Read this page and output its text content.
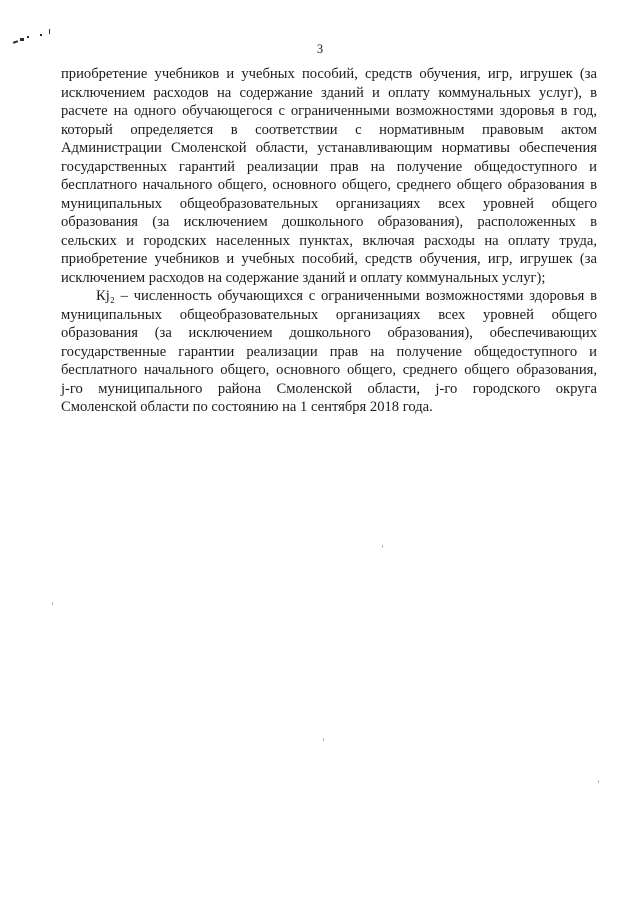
3
приобретение учебников и учебных пособий, средств обучения, игр, игрушек (за
исключением расходов на содержание зданий и оплату коммунальных услуг), в
расчете на одного обучающегося с ограниченными возможностями здоровья в год,
который определяется в соответствии с нормативным правовым актом
Администрации Смоленской области, устанавливающим нормативы обеспечения
государственных гарантий реализации прав на получение общедоступного и
бесплатного начального общего, основного общего, среднего общего образования в
муниципальных общеобразовательных организациях всех уровней общего
образования (за исключением дошкольного образования), расположенных в
сельских и городских населенных пунктах, включая расходы на оплату труда,
приобретение учебников и учебных пособий, средств обучения, игр, игрушек (за
исключением расходов на содержание зданий и оплату коммунальных услуг);
Кj₂ – численность обучающихся с ограниченными возможностями здоровья в
муниципальных общеобразовательных организациях всех уровней общего
образования (за исключением дошкольного образования), обеспечивающих
государственные гарантии реализации прав на получение общедоступного и
бесплатного начального общего, основного общего, среднего общего образования,
j-го муниципального района Смоленской области, j-го городского округа
Смоленской области по состоянию на 1 сентября 2018 года.
